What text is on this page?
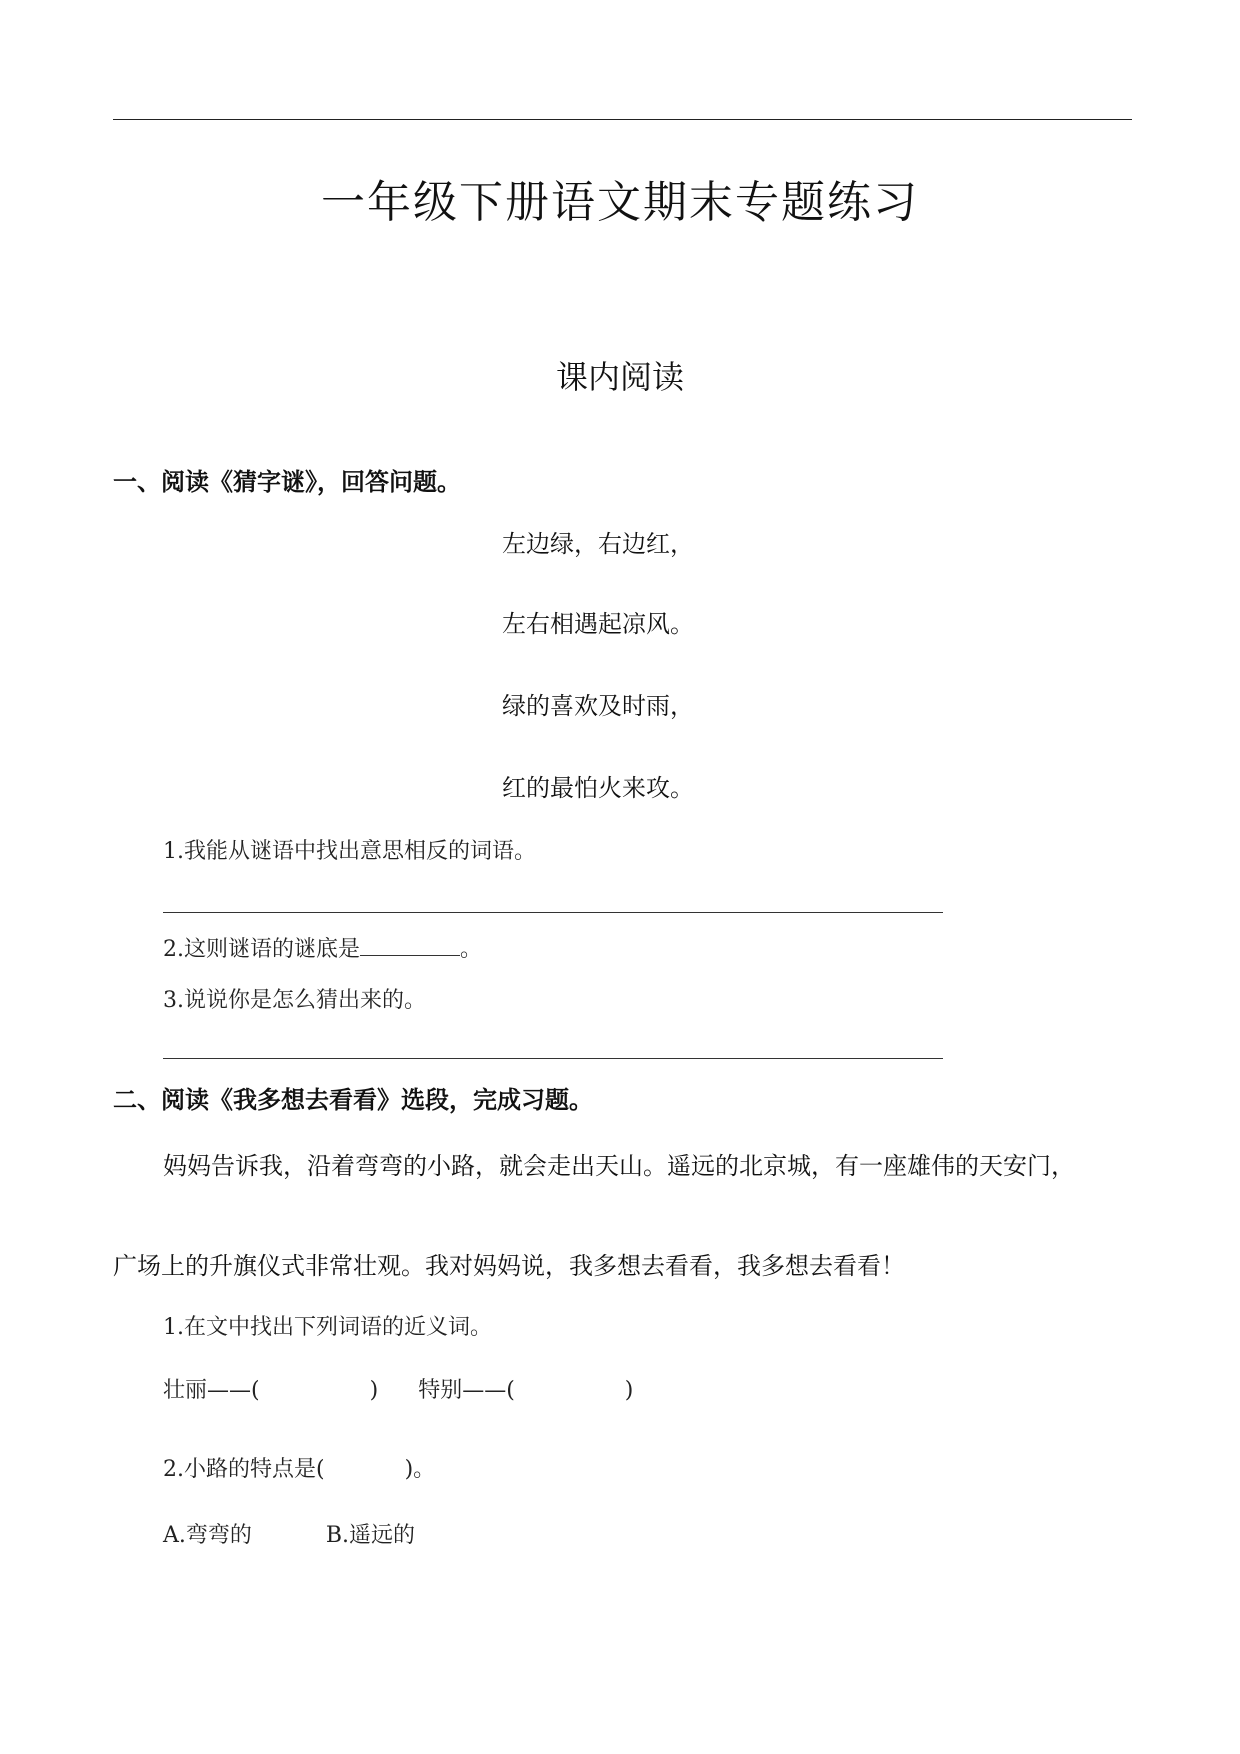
一年级下册语文期末专题练习
课内阅读
一、阅读《猜字谜》，回答问题。
左边绿，右边红，
左右相遇起凉风。
绿的喜欢及时雨，
红的最怕火来攻。
1.我能从谜语中找出意思相反的词语。
2.这则谜语的谜底是	。
3.说说你是怎么猜出来的。
二、阅读《我多想去看看》选段，完成习题。
妈妈告诉我，沿着弯弯的小路，就会走出天山。遥远的北京城，有一座雄伟的天安门，
广场上的升旗仪式非常壮观。我对妈妈说，我多想去看看，我多想去看看！
1.在文中找出下列词语的近义词。
壮丽——(	) 特别——(	)
2.小路的特点是(	)。
A.弯弯的	B.遥远的
